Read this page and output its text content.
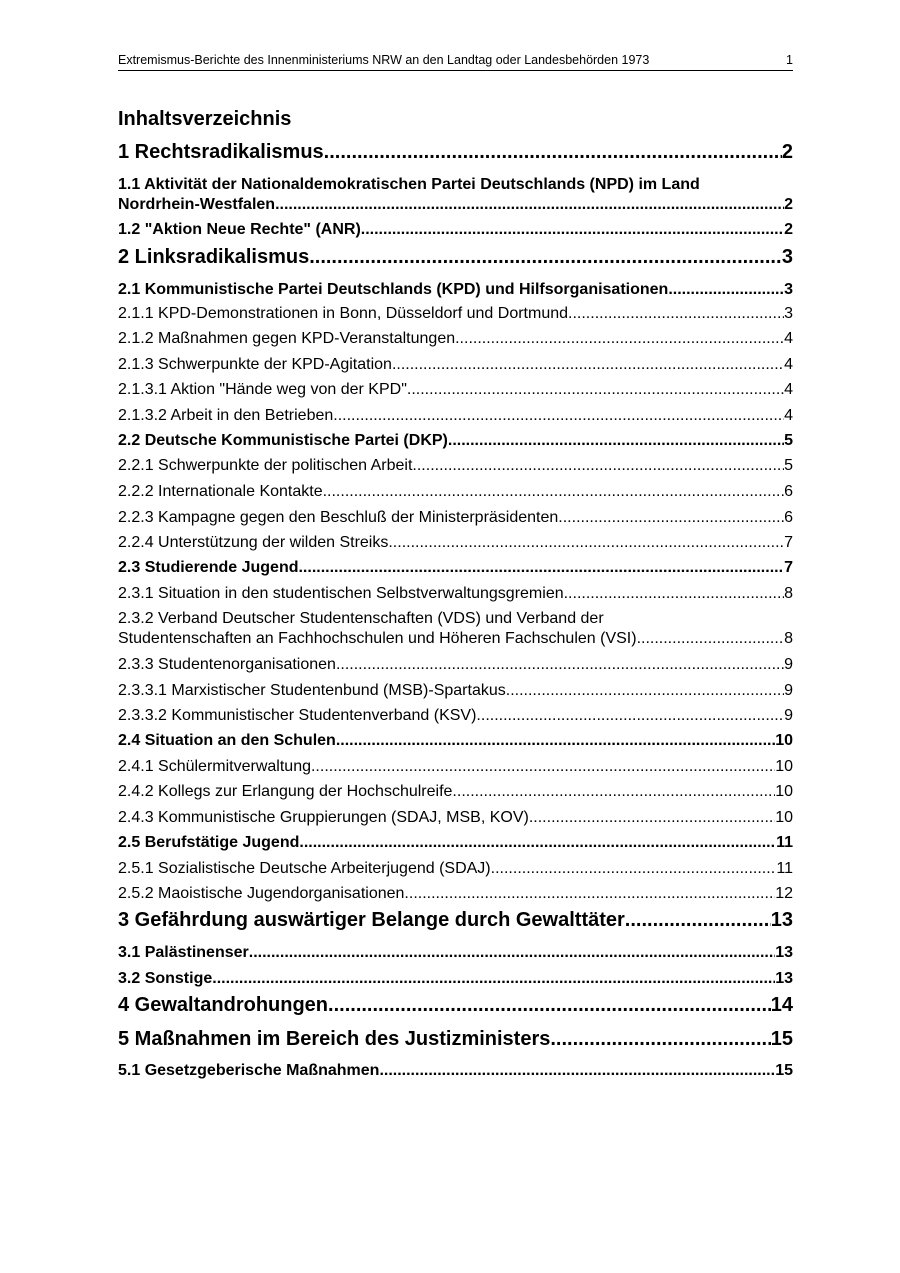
Extremismus-Berichte des Innenministeriums NRW an den Landtag oder Landesbehörden 1973	1
Inhaltsverzeichnis
1 Rechtsradikalismus .....	2
1.1 Aktivität der Nationaldemokratischen Partei Deutschlands (NPD) im Land
Nordrhein-Westfalen .....	2
1.2 "Aktion Neue Rechte" (ANR) .....	2
2 Linksradikalismus .....	3
2.1 Kommunistische Partei Deutschlands (KPD) und Hilfsorganisationen .....	3
2.1.1 KPD-Demonstrationen in Bonn, Düsseldorf und Dortmund .....	3
2.1.2 Maßnahmen gegen KPD-Veranstaltungen .....	4
2.1.3 Schwerpunkte der KPD-Agitation .....	4
2.1.3.1 Aktion "Hände weg von der KPD" .....	4
2.1.3.2 Arbeit in den Betrieben .....	4
2.2 Deutsche Kommunistische Partei (DKP) .....	5
2.2.1 Schwerpunkte der politischen Arbeit .....	5
2.2.2 Internationale Kontakte .....	6
2.2.3 Kampagne gegen den Beschluß der Ministerpräsidenten .....	6
2.2.4 Unterstützung der wilden Streiks .....	7
2.3 Studierende Jugend .....	7
2.3.1 Situation in den studentischen Selbstverwaltungsgremien .....	8
2.3.2 Verband Deutscher Studentenschaften (VDS) und Verband der
Studentenschaften an Fachhochschulen und Höheren Fachschulen (VSI) .....	8
2.3.3 Studentenorganisationen .....	9
2.3.3.1 Marxistischer Studentenbund (MSB)-Spartakus .....	9
2.3.3.2 Kommunistischer Studentenverband (KSV) .....	9
2.4 Situation an den Schulen .....	10
2.4.1 Schülermitverwaltung .....	10
2.4.2 Kollegs zur Erlangung der Hochschulreife .....	10
2.4.3 Kommunistische Gruppierungen (SDAJ, MSB, KOV) .....	10
2.5 Berufstätige Jugend .....	11
2.5.1 Sozialistische Deutsche Arbeiterjugend (SDAJ) .....	11
2.5.2 Maoistische Jugendorganisationen .....	12
3 Gefährdung auswärtiger Belange durch Gewalttäter .....	13
3.1 Palästinenser .....	13
3.2 Sonstige .....	13
4 Gewaltandrohungen .....	14
5 Maßnahmen im Bereich des Justizministers .....	15
5.1 Gesetzgeberische Maßnahmen .....	15
